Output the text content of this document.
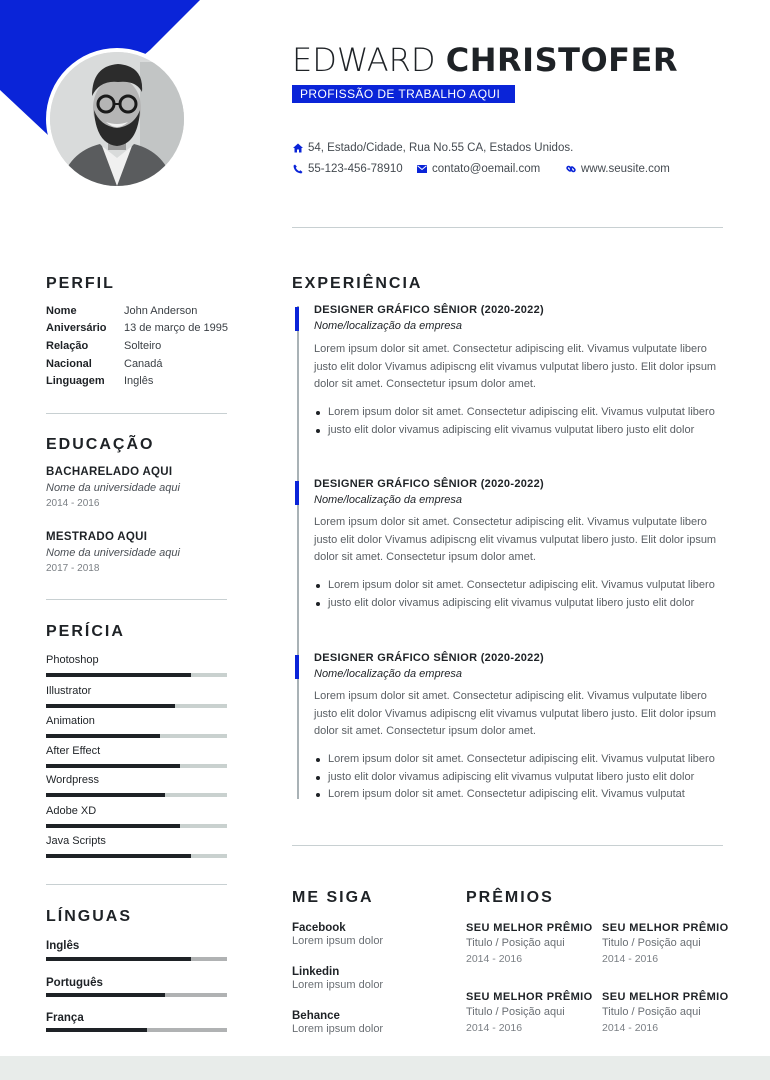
EDWARD CHRISTOFER
PROFISSÃO DE TRABALHO AQUI
54, Estado/Cidade, Rua No.55 CA, Estados Unidos.
55-123-456-78910	contato@oemail.com	www.seusite.com
PERFIL
Nome	John Anderson
Aniversário	13 de março de 1995
Relação	Solteiro
Nacional	Canadá
Linguagem	Inglês
EDUCAÇÃO
BACHARELADO AQUI
Nome da universidade aqui
2014 - 2016
MESTRADO AQUI
Nome da universidade aqui
2017 - 2018
PERÍCIA
Photoshop
Illustrator
Animation
After Effect
Wordpress
Adobe XD
Java Scripts
LÍNGUAS
Inglês
Português
França
EXPERIÊNCIA
DESIGNER GRÁFICO SÊNIOR (2020-2022)
Nome/localização da empresa
Lorem ipsum dolor sit amet. Consectetur adipiscing elit. Vivamus vulputate libero justo elit dolor Vivamus adipiscng elit vivamus vulputat libero justo. Elit dolor ipsum dolor sit amet. Consectetur ipsum dolor amet.
Lorem ipsum dolor sit amet. Consectetur adipiscing elit. Vivamus vulputat libero
justo elit dolor vivamus adipiscing elit vivamus vulputat libero justo elit dolor
DESIGNER GRÁFICO SÊNIOR (2020-2022)
Nome/localização da empresa
Lorem ipsum dolor sit amet. Consectetur adipiscing elit. Vivamus vulputate libero justo elit dolor Vivamus adipiscng elit vivamus vulputat libero justo. Elit dolor ipsum dolor sit amet. Consectetur ipsum dolor amet.
Lorem ipsum dolor sit amet. Consectetur adipiscing elit. Vivamus vulputat libero
justo elit dolor vivamus adipiscing elit vivamus vulputat libero justo elit dolor
DESIGNER GRÁFICO SÊNIOR (2020-2022)
Nome/localização da empresa
Lorem ipsum dolor sit amet. Consectetur adipiscing elit. Vivamus vulputate libero justo elit dolor Vivamus adipiscng elit vivamus vulputat libero justo. Elit dolor ipsum dolor sit amet. Consectetur ipsum dolor amet.
Lorem ipsum dolor sit amet. Consectetur adipiscing elit. Vivamus vulputat libero
justo elit dolor vivamus adipiscing elit vivamus vulputat libero justo elit dolor
Lorem ipsum dolor sit amet. Consectetur adipiscing elit. Vivamus vulputat
ME SIGA
Facebook
Lorem ipsum dolor
Linkedin
Lorem ipsum dolor
Behance
Lorem ipsum dolor
PRÊMIOS
SEU MELHOR PRÊMIO
Titulo / Posição aqui
2014 - 2016
SEU MELHOR PRÊMIO
Titulo / Posição aqui
2014 - 2016
SEU MELHOR PRÊMIO
Titulo / Posição aqui
2014 - 2016
SEU MELHOR PRÊMIO
Titulo / Posição aqui
2014 - 2016
